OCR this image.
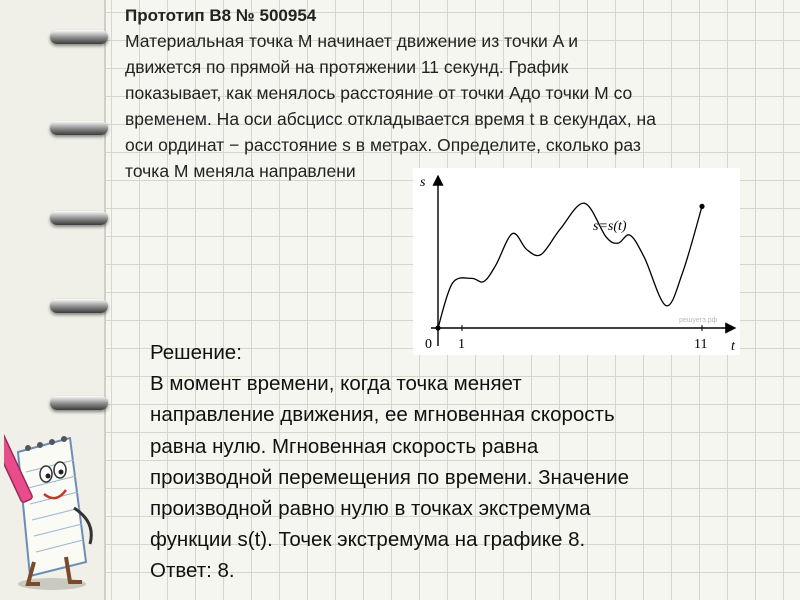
Прототип B8 № 500954
Материальная точка M начинает движение из точки A и
движется по прямой на протяжении 11 секунд. График
показывает, как менялось расстояние от точки Aдо точки M со
временем. На оси абсцисс откладывается время t в секундах, на
оси ординат − расстояние s в метрах. Определите, сколько раз
точка M меняла направлени
s
t
0 1	11
s=s(t)
решуегэ.рф

Решение:

В момент времени, когда точка меняет

направление движения, ее мгновенная скорость

равна нулю. Мгновенная скорость равна

производной перемещения по времени. Значение

производной равно нулю в точках экстремума

функции s(t). Точек экстремума на графике 8.

Ответ: 8.
